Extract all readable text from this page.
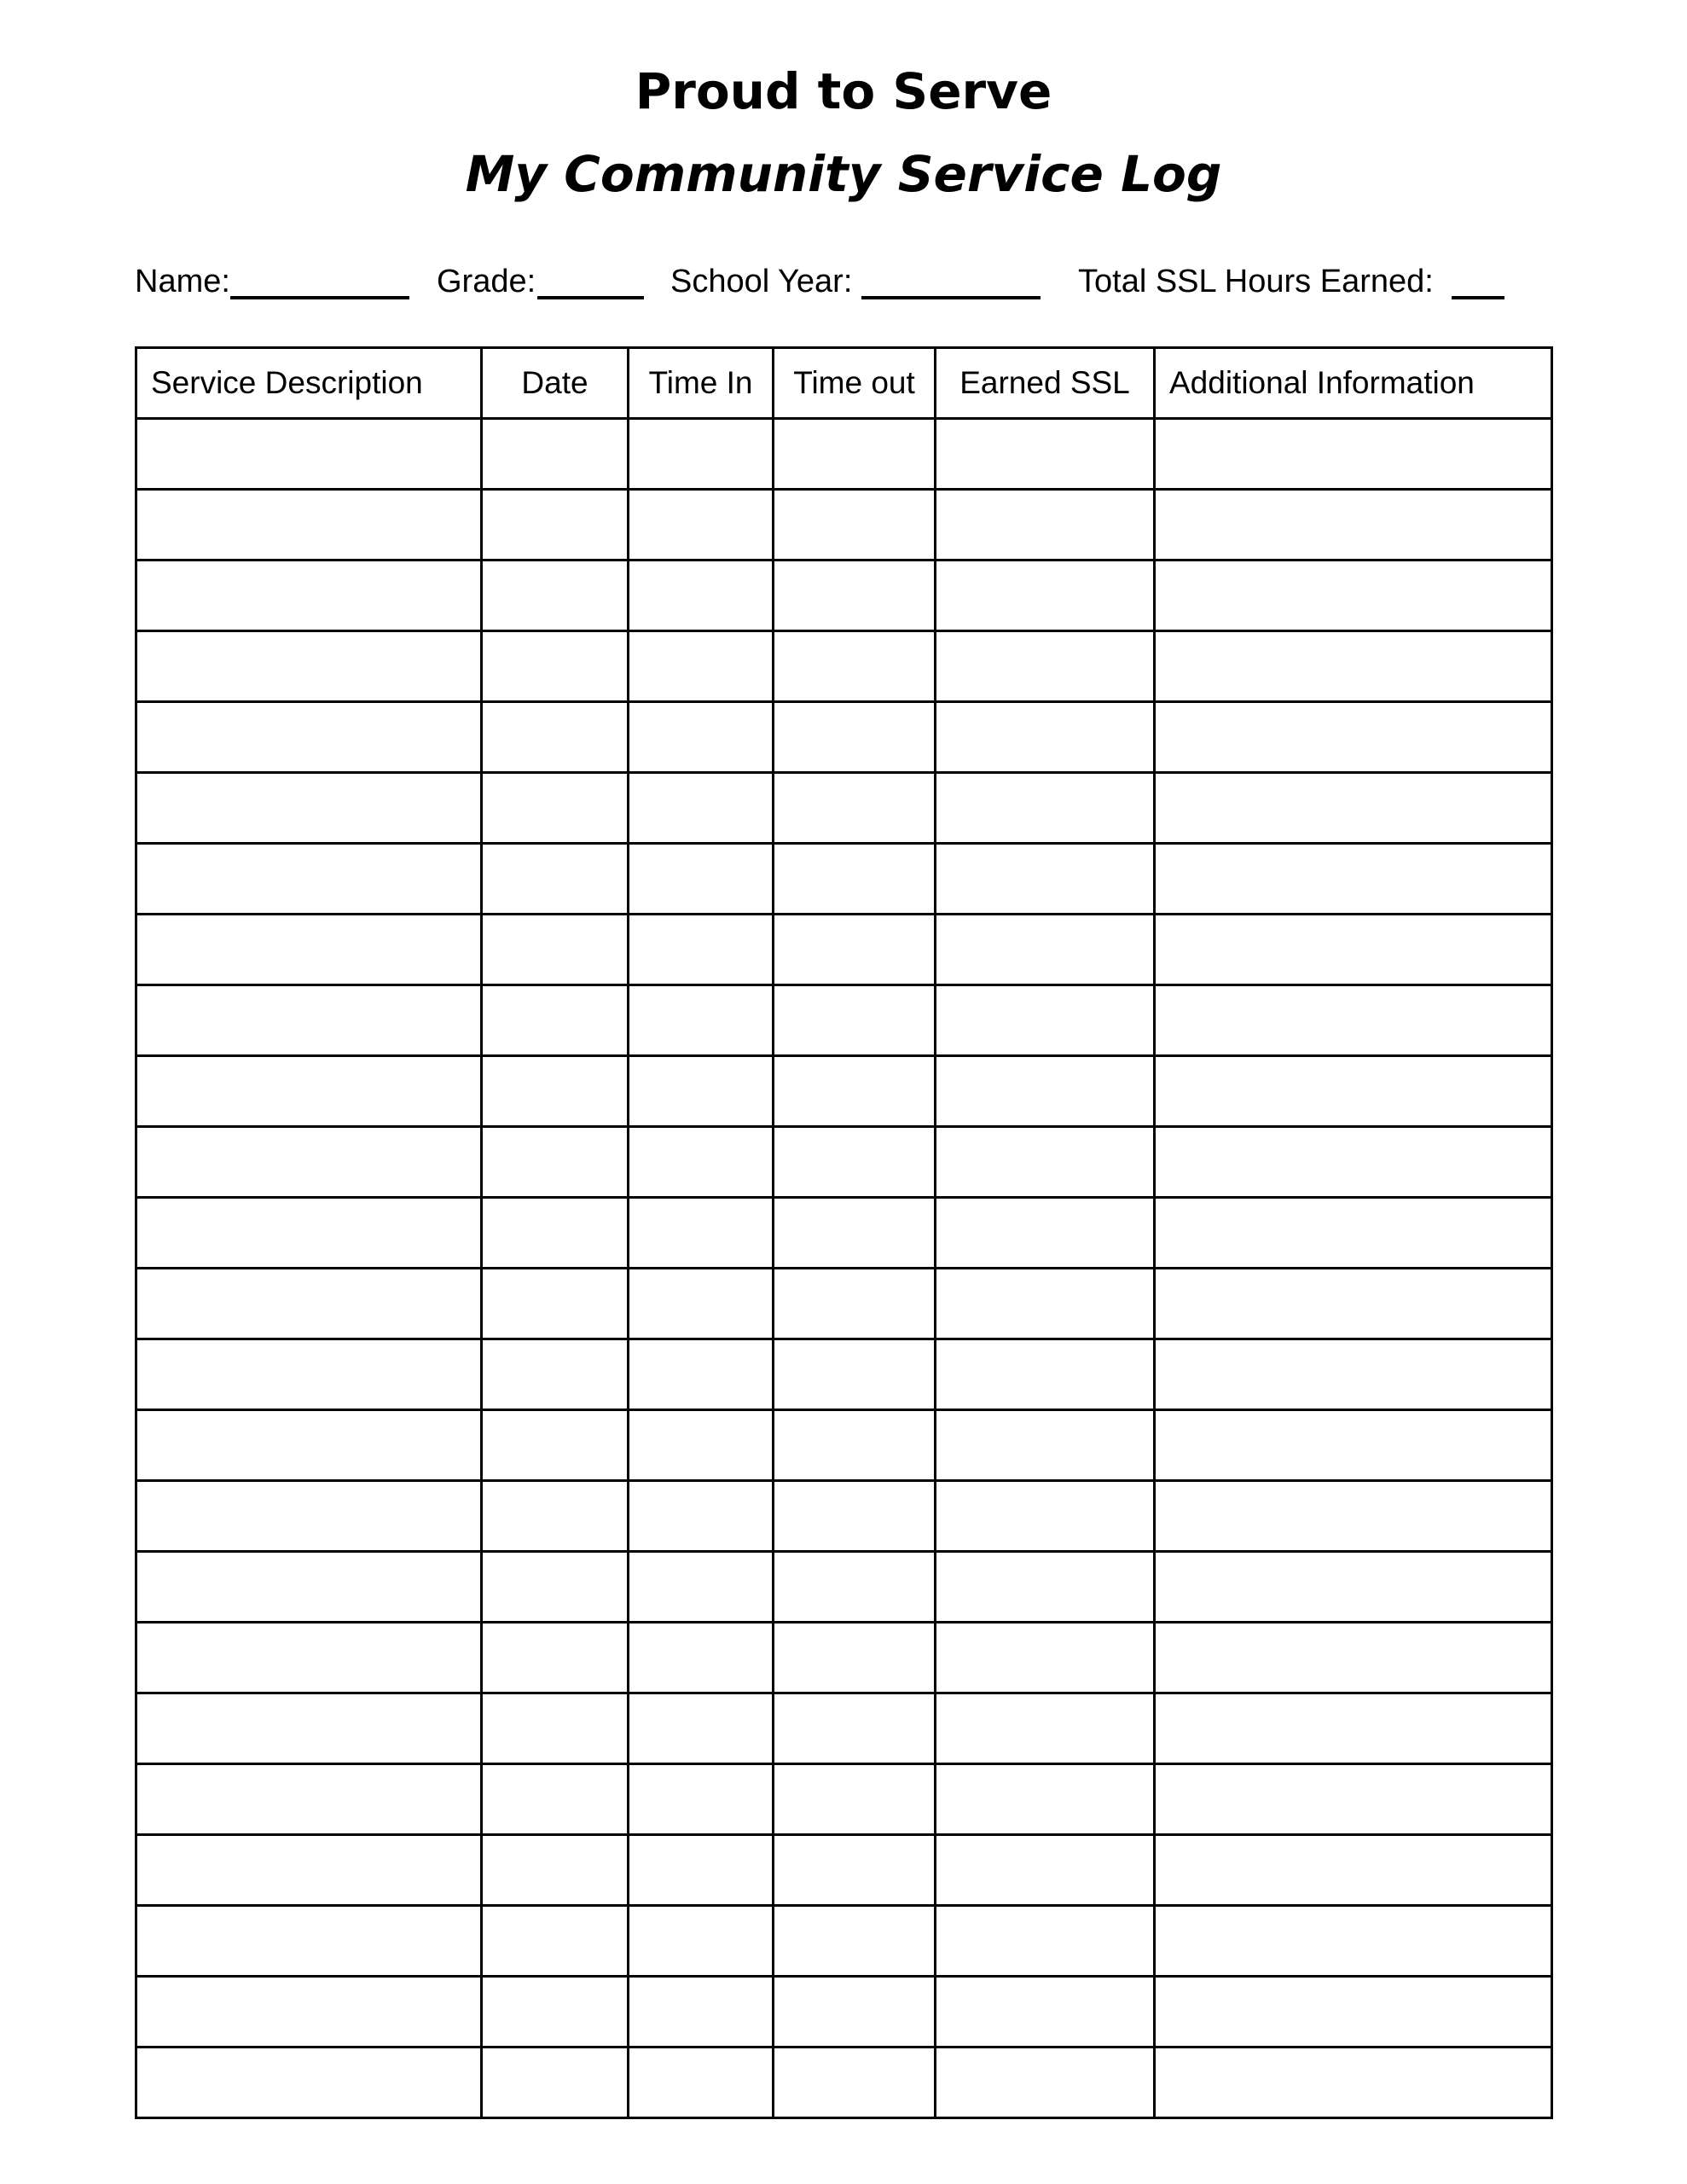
Proud to Serve
My Community Service Log
Name:	Grade:	School Year:	Total SSL Hours Earned:
Service Description	Date	Time In	Time out	Earned SSL	Additional Information
